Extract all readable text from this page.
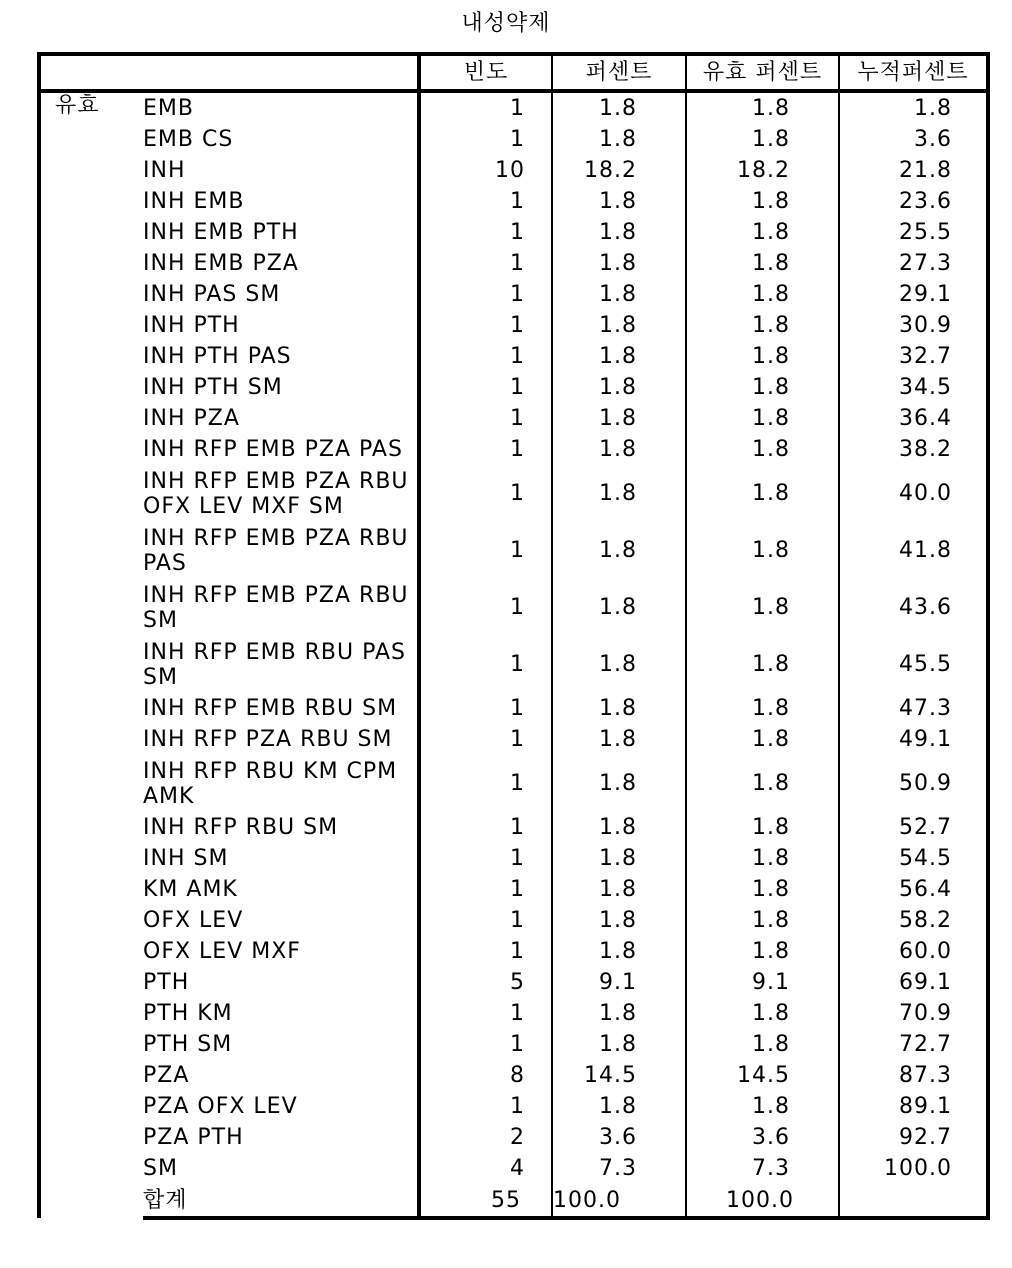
내성약제
		빈도	퍼센트	유효 퍼센트	누적퍼센트
유효	EMB	1	1.8	1.8	1.8
	EMB CS	1	1.8	1.8	3.6
	INH	10	18.2	18.2	21.8
	INH EMB	1	1.8	1.8	23.6
	INH EMB PTH	1	1.8	1.8	25.5
	INH EMB PZA	1	1.8	1.8	27.3
	INH PAS SM	1	1.8	1.8	29.1
	INH PTH	1	1.8	1.8	30.9
	INH PTH PAS	1	1.8	1.8	32.7
	INH PTH SM	1	1.8	1.8	34.5
	INH PZA	1	1.8	1.8	36.4
	INH RFP EMB PZA PAS	1	1.8	1.8	38.2
	INH RFP EMB PZA RBU OFX LEV MXF SM	1	1.8	1.8	40.0
	INH RFP EMB PZA RBU PAS	1	1.8	1.8	41.8
	INH RFP EMB PZA RBU SM	1	1.8	1.8	43.6
	INH RFP EMB RBU PAS SM	1	1.8	1.8	45.5
	INH RFP EMB RBU SM	1	1.8	1.8	47.3
	INH RFP PZA RBU SM	1	1.8	1.8	49.1
	INH RFP RBU KM CPM AMK	1	1.8	1.8	50.9
	INH RFP RBU SM	1	1.8	1.8	52.7
	INH SM	1	1.8	1.8	54.5
	KM AMK	1	1.8	1.8	56.4
	OFX LEV	1	1.8	1.8	58.2
	OFX LEV MXF	1	1.8	1.8	60.0
	PTH	5	9.1	9.1	69.1
	PTH KM	1	1.8	1.8	70.9
	PTH SM	1	1.8	1.8	72.7
	PZA	8	14.5	14.5	87.3
	PZA OFX LEV	1	1.8	1.8	89.1
	PZA PTH	2	3.6	3.6	92.7
	SM	4	7.3	7.3	100.0
	합계	55	100.0	100.0	
